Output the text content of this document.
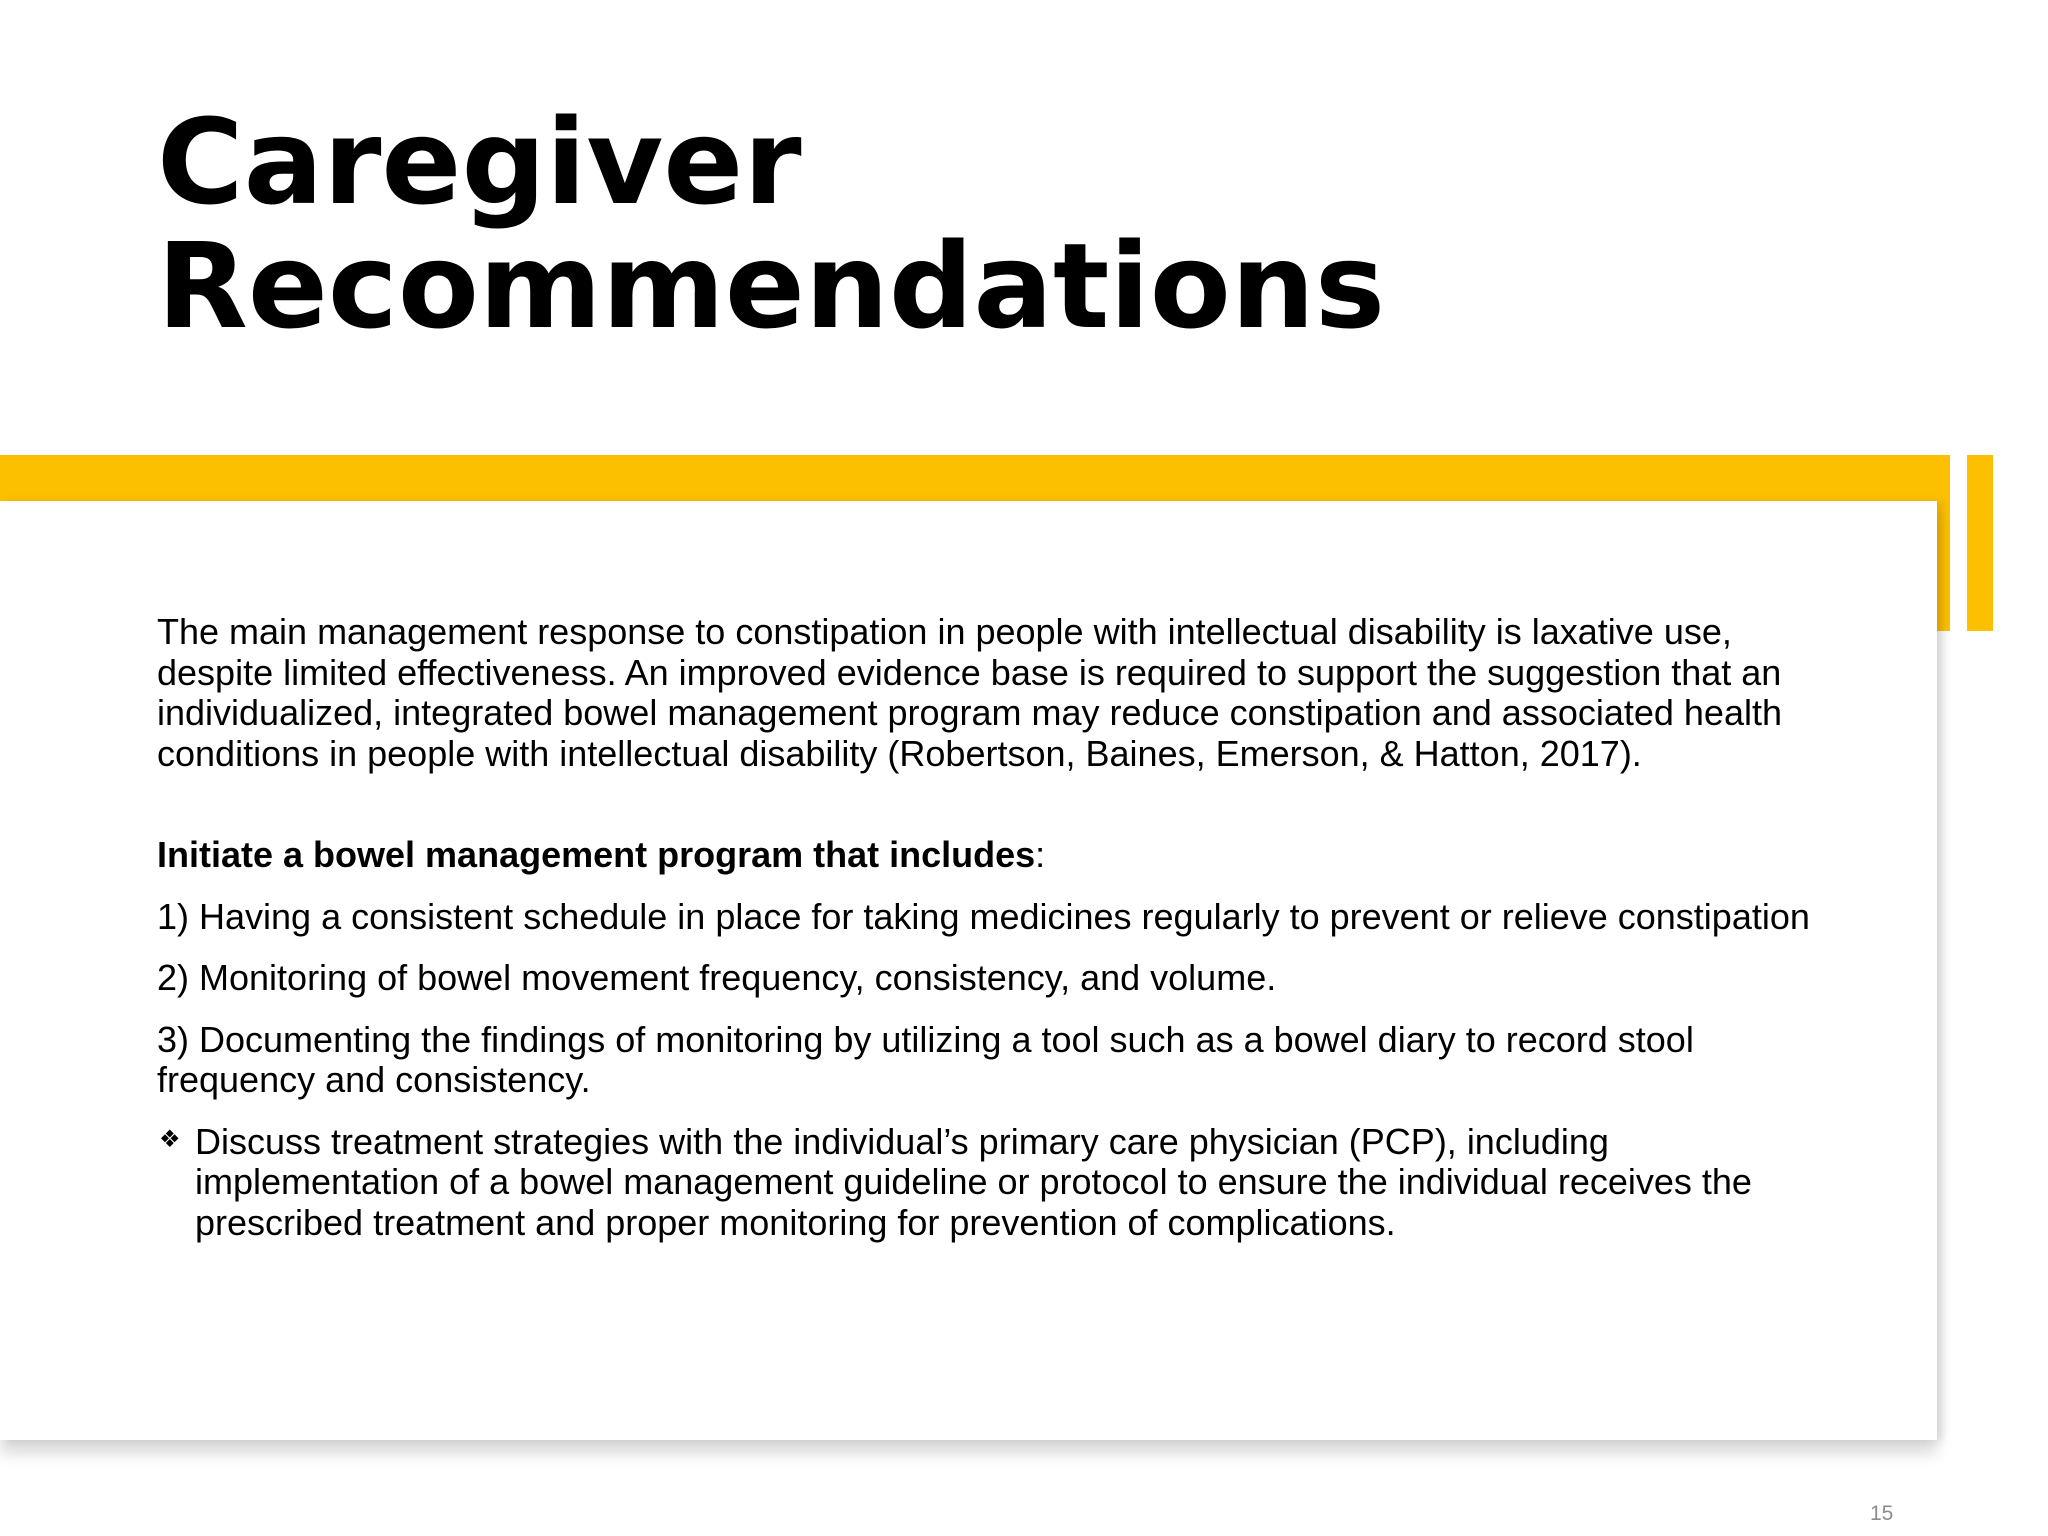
Caregiver
Recommendations

The main management response to constipation in people with intellectual disability is laxative use, despite limited effectiveness. An improved evidence base is required to support the suggestion that an individualized, integrated bowel management program may reduce constipation and associated health conditions in people with intellectual disability (Robertson, Baines, Emerson, & Hatton, 2017).

Initiate a bowel management program that includes:

1) Having a consistent schedule in place for taking medicines regularly to prevent or relieve constipation

2) Monitoring of bowel movement frequency, consistency, and volume.

3) Documenting the findings of monitoring by utilizing a tool such as a bowel diary to record stool frequency and consistency.

❖ Discuss treatment strategies with the individual’s primary care physician (PCP), including implementation of a bowel management guideline or protocol to ensure the individual receives the prescribed treatment and proper monitoring for prevention of complications.

15
